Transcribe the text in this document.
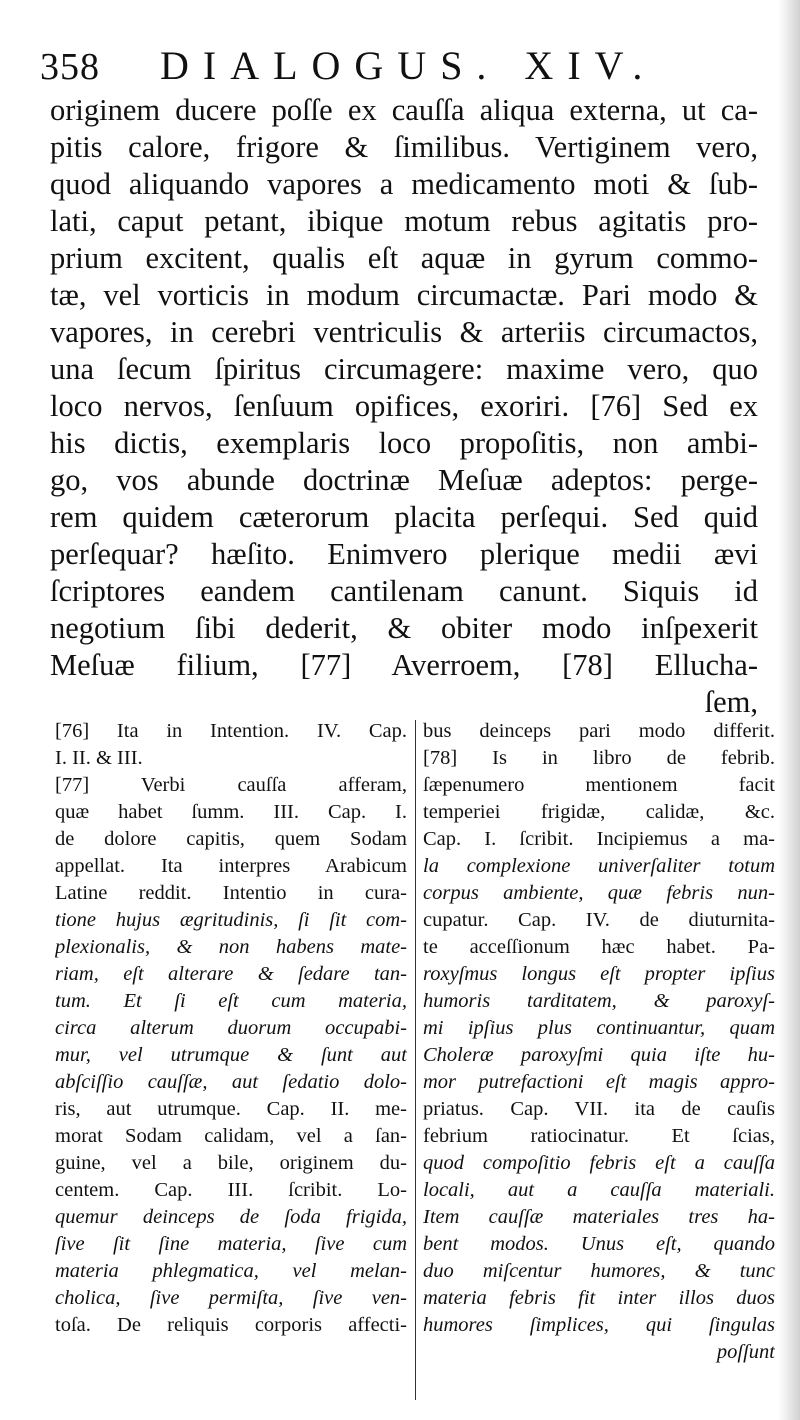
358	DIALOGUS. XIV.
originem ducere poſſe ex cauſſa aliqua externa, ut ca-
pitis calore, frigore & ſimilibus. Vertiginem vero,
quod aliquando vapores a medicamento moti & ſub-
lati, caput petant, ibique motum rebus agitatis pro-
prium excitent, qualis eſt aquæ in gyrum commo-
tæ, vel vorticis in modum circumactæ. Pari modo &
vapores, in cerebri ventriculis & arteriis circumactos,
una ſecum ſpiritus circumagere: maxime vero, quo
loco nervos, ſenſuum opifices, exoriri. [76] Sed ex
his dictis, exemplaris loco propoſitis, non ambi-
go, vos abunde doctrinæ Meſuæ adeptos: perge-
rem quidem cæterorum placita perſequi. Sed quid
perſequar? hæſito. Enimvero plerique medii ævi
ſcriptores eandem cantilenam canunt. Siquis id
negotium ſibi dederit, & obiter modo inſpexerit
Meſuæ filium, [77] Averroem, [78] Ellucha-
ſem,
[76] Ita in Intention. IV. Cap.
I. II. & III.
[77] Verbi cauſſa afferam,
quæ habet ſumm. III. Cap. I.
de dolore capitis, quem Sodam
appellat. Ita interpres Arabicum
Latine reddit. Intentio in cura-
tione hujus ægritudinis, ſi ſit com-
plexionalis, & non habens mate-
riam, eſt alterare & ſedare tan-
tum. Et ſi eſt cum materia,
circa alterum duorum occupabi-
mur, vel utrumque & ſunt aut
abſciſſio cauſſæ, aut ſedatio dolo-
ris, aut utrumque. Cap. II. me-
morat Sodam calidam, vel a ſan-
guine, vel a bile, originem du-
centem. Cap. III. ſcribit. Lo-
quemur deinceps de ſoda frigida,
ſive ſit ſine materia, ſive cum
materia phlegmatica, vel melan-
cholica, ſive permiſta, ſive ven-
toſa. De reliquis corporis affecti-
bus deinceps pari modo differit.
[78] Is in libro de febrib.
ſæpenumero mentionem facit
temperiei frigidæ, calidæ, &c.
Cap. I. ſcribit. Incipiemus a ma-
la complexione univerſaliter totum
corpus ambiente, quæ febris nun-
cupatur. Cap. IV. de diuturnita-
te acceſſionum hæc habet. Pa-
roxyſmus longus eſt propter ipſius
humoris tarditatem, & paroxyſ-
mi ipſius plus continuantur, quam
Choleræ paroxyſmi quia iſte hu-
mor putrefactioni eſt magis appro-
priatus. Cap. VII. ita de cauſis
febrium ratiocinatur. Et ſcias,
quod compoſitio febris eſt a cauſſa
locali, aut a cauſſa materiali.
Item cauſſæ materiales tres ha-
bent modos. Unus eſt, quando
duo miſcentur humores, & tunc
materia febris fit inter illos duos
humores ſimplices, qui ſingulas
poſſunt
